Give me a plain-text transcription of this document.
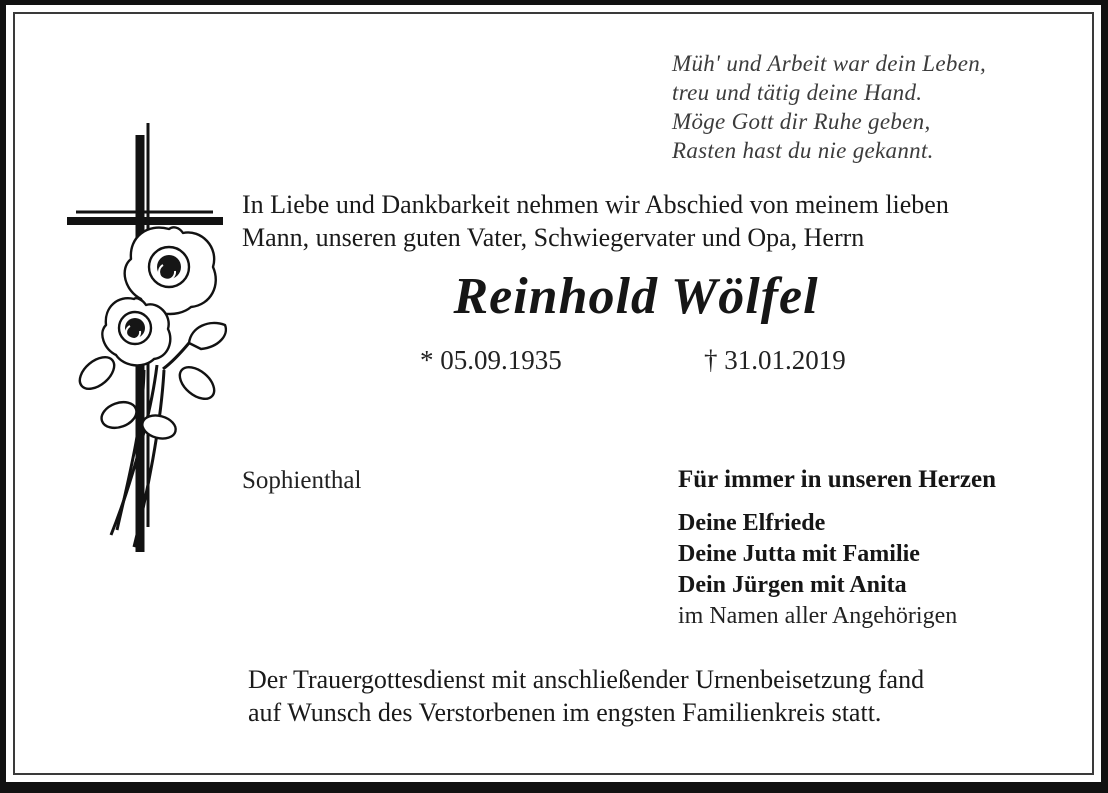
Müh' und Arbeit war dein Leben,
treu und tätig deine Hand.
Möge Gott dir Ruhe geben,
Rasten hast du nie gekannt.
In Liebe und Dankbarkeit nehmen wir Abschied von meinem lieben
Mann, unseren guten Vater, Schwiegervater und Opa, Herrn
Reinhold Wölfel
* 05.09.1935	† 31.01.2019
Sophienthal	Für immer in unseren Herzen
Deine Elfriede
Deine Jutta mit Familie
Dein Jürgen mit Anita
im Namen aller Angehörigen
Der Trauergottesdienst mit anschließender Urnenbeisetzung fand
auf Wunsch des Verstorbenen im engsten Familienkreis statt.
